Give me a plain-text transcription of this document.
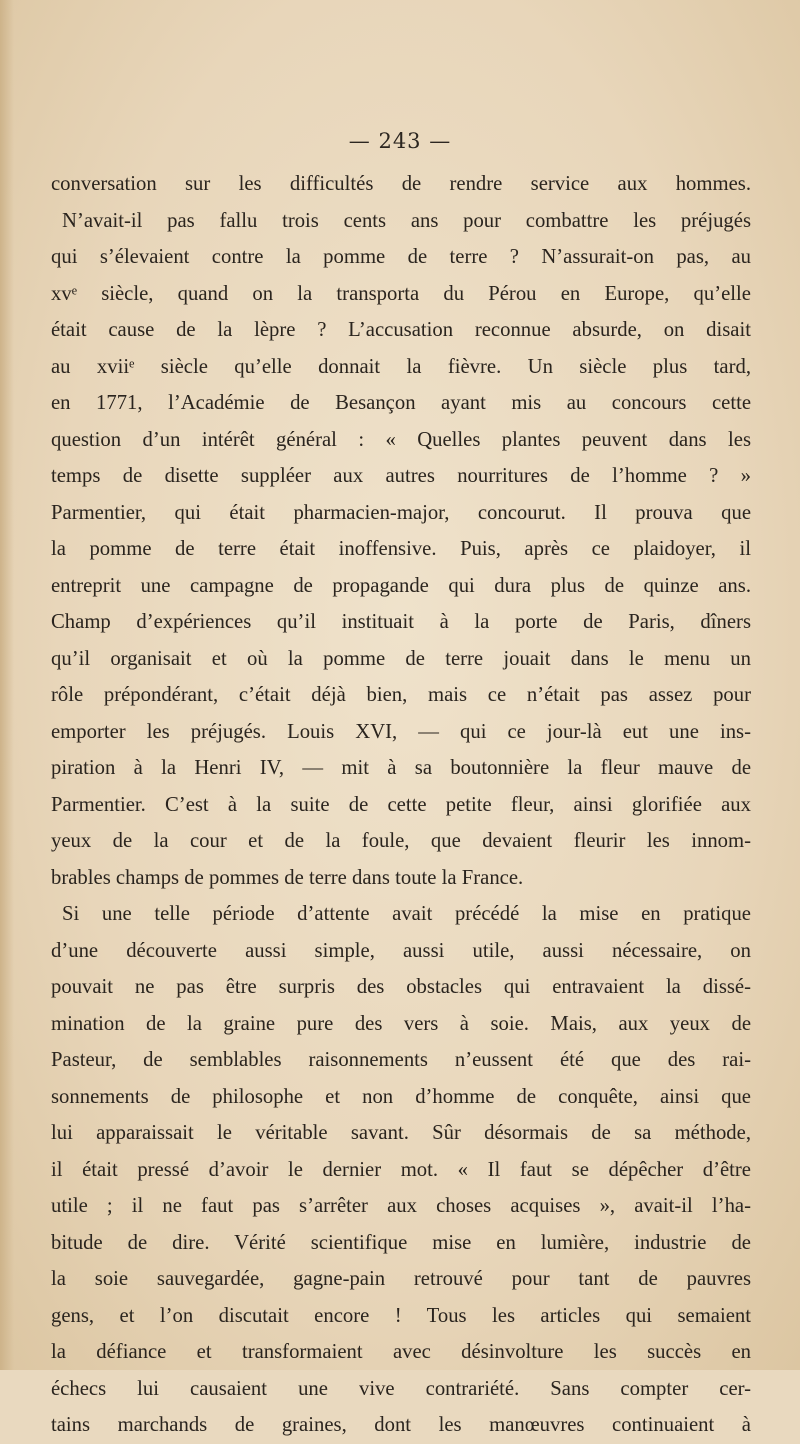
— 243 —
conversation sur les difficultés de rendre service aux hommes.
N’avait-il pas fallu trois cents ans pour combattre les préjugés
qui s’élevaient contre la pomme de terre ? N’assurait-on pas, au
xvᵉ siècle, quand on la transporta du Pérou en Europe, qu’elle
était cause de la lèpre ? L’accusation reconnue absurde, on disait
au xviiᵉ siècle qu’elle donnait la fièvre. Un siècle plus tard,
en 1771, l’Académie de Besançon ayant mis au concours cette
question d’un intérêt général : « Quelles plantes peuvent dans les
temps de disette suppléer aux autres nourritures de l’homme ? »
Parmentier, qui était pharmacien-major, concourut. Il prouva que
la pomme de terre était inoffensive. Puis, après ce plaidoyer, il
entreprit une campagne de propagande qui dura plus de quinze ans.
Champ d’expériences qu’il instituait à la porte de Paris, dîners
qu’il organisait et où la pomme de terre jouait dans le menu un
rôle prépondérant, c’était déjà bien, mais ce n’était pas assez pour
emporter les préjugés. Louis XVI, — qui ce jour-là eut une ins-
piration à la Henri IV, — mit à sa boutonnière la fleur mauve de
Parmentier. C’est à la suite de cette petite fleur, ainsi glorifiée aux
yeux de la cour et de la foule, que devaient fleurir les innom-
brables champs de pommes de terre dans toute la France.
Si une telle période d’attente avait précédé la mise en pratique
d’une découverte aussi simple, aussi utile, aussi nécessaire, on
pouvait ne pas être surpris des obstacles qui entravaient la dissé-
mination de la graine pure des vers à soie. Mais, aux yeux de
Pasteur, de semblables raisonnements n’eussent été que des rai-
sonnements de philosophe et non d’homme de conquête, ainsi que
lui apparaissait le véritable savant. Sûr désormais de sa méthode,
il était pressé d’avoir le dernier mot. « Il faut se dépêcher d’être
utile ; il ne faut pas s’arrêter aux choses acquises », avait-il l’ha-
bitude de dire. Vérité scientifique mise en lumière, industrie de
la soie sauvegardée, gagne-pain retrouvé pour tant de pauvres
gens, et l’on discutait encore ! Tous les articles qui semaient
la défiance et transformaient avec désinvolture les succès en
échecs lui causaient une vive contrariété. Sans compter cer-
tains marchands de graines, dont les manœuvres continuaient à
